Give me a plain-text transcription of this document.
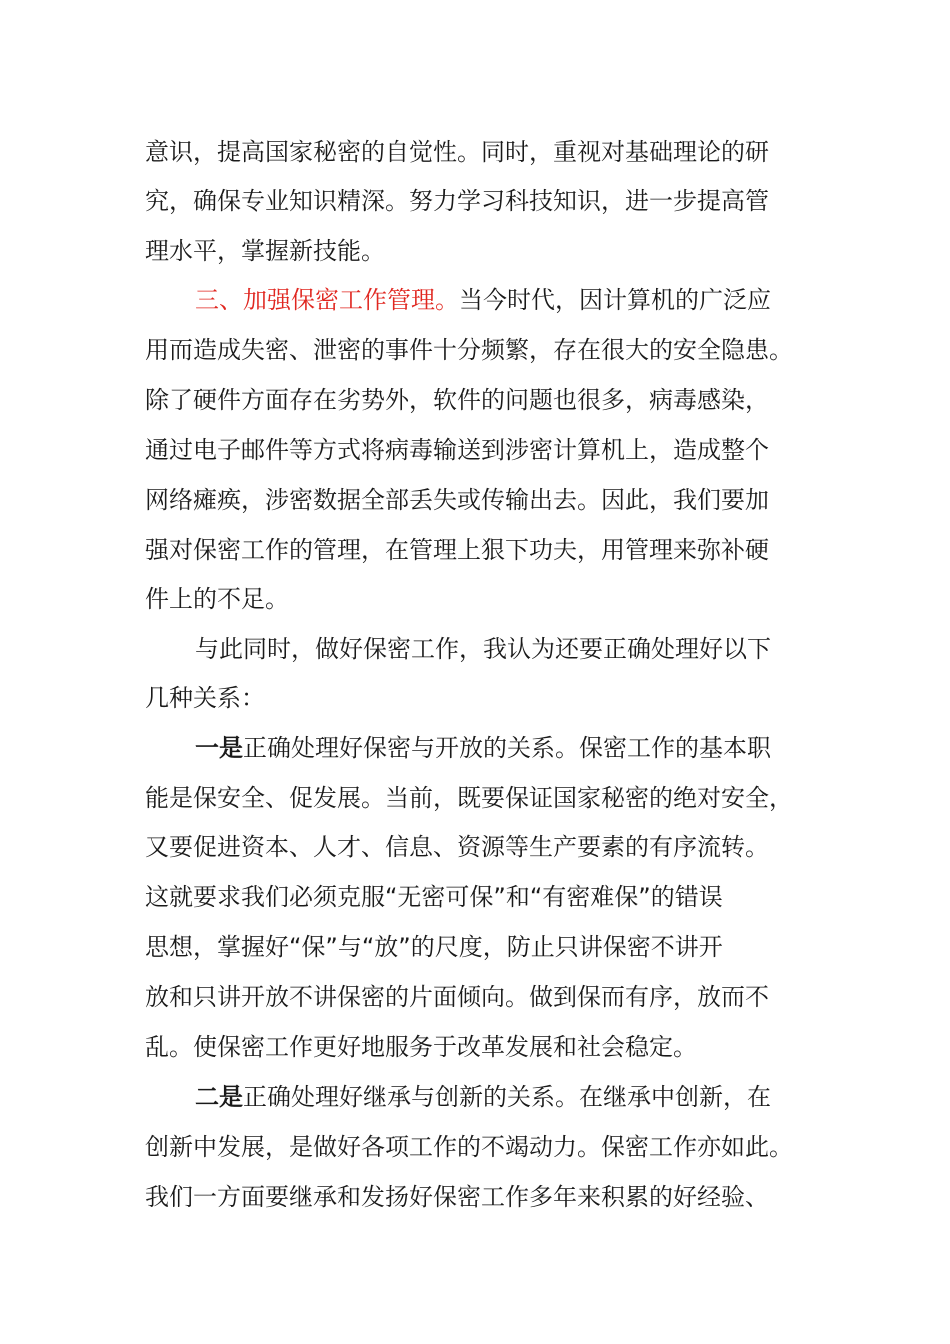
意识，提高国家秘密的自觉性。同时，重视对基础理论的研
究，确保专业知识精深。努力学习科技知识，进一步提高管
理水平，掌握新技能。
三、加强保密工作管理。当今时代，因计算机的广泛应
用而造成失密、泄密的事件十分频繁，存在很大的安全隐患。
除了硬件方面存在劣势外，软件的问题也很多，病毒感染，
通过电子邮件等方式将病毒输送到涉密计算机上，造成整个
网络瘫痪，涉密数据全部丢失或传输出去。因此，我们要加
强对保密工作的管理，在管理上狠下功夫，用管理来弥补硬
件上的不足。
与此同时，做好保密工作，我认为还要正确处理好以下
几种关系：
一是正确处理好保密与开放的关系。保密工作的基本职
能是保安全、促发展。当前，既要保证国家秘密的绝对安全，
又要促进资本、人才、信息、资源等生产要素的有序流转。
这就要求我们必须克服“无密可保”和“有密难保”的错误
思想，掌握好“保”与“放”的尺度，防止只讲保密不讲开
放和只讲开放不讲保密的片面倾向。做到保而有序，放而不
乱。使保密工作更好地服务于改革发展和社会稳定。
二是正确处理好继承与创新的关系。在继承中创新，在
创新中发展，是做好各项工作的不竭动力。保密工作亦如此。
我们一方面要继承和发扬好保密工作多年来积累的好经验、
